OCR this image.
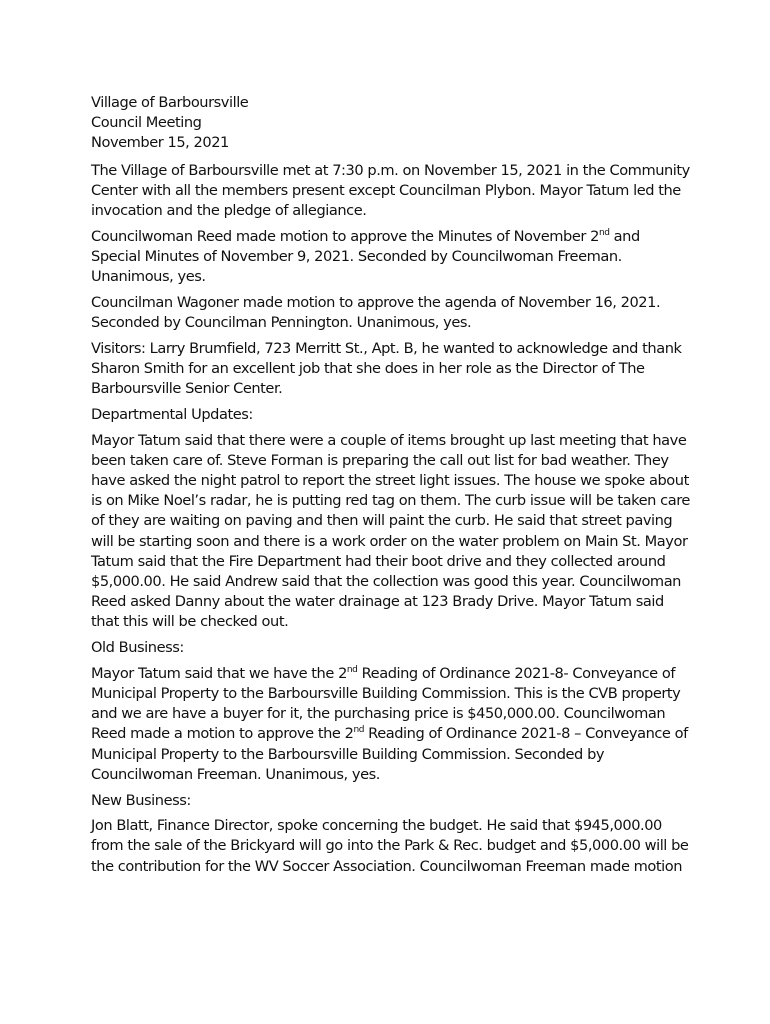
Village of Barboursville
Council Meeting
November 15, 2021

The Village of Barboursville met at 7:30 p.m. on November 15, 2021 in the Community Center with all the members present except Councilman Plybon. Mayor Tatum led the invocation and the pledge of allegiance.

Councilwoman Reed made motion to approve the Minutes of November 2nd and Special Minutes of November 9, 2021. Seconded by Councilwoman Freeman. Unanimous, yes.

Councilman Wagoner made motion to approve the agenda of November 16, 2021. Seconded by Councilman Pennington. Unanimous, yes.

Visitors: Larry Brumfield, 723 Merritt St., Apt. B, he wanted to acknowledge and thank Sharon Smith for an excellent job that she does in her role as the Director of The Barboursville Senior Center.

Departmental Updates:

Mayor Tatum said that there were a couple of items brought up last meeting that have been taken care of. Steve Forman is preparing the call out list for bad weather. They have asked the night patrol to report the street light issues. The house we spoke about is on Mike Noel’s radar, he is putting red tag on them. The curb issue will be taken care of they are waiting on paving and then will paint the curb. He said that street paving will be starting soon and there is a work order on the water problem on Main St. Mayor Tatum said that the Fire Department had their boot drive and they collected around $5,000.00. He said Andrew said that the collection was good this year. Councilwoman Reed asked Danny about the water drainage at 123 Brady Drive. Mayor Tatum said that this will be checked out.

Old Business:

Mayor Tatum said that we have the 2nd Reading of Ordinance 2021-8- Conveyance of Municipal Property to the Barboursville Building Commission. This is the CVB property and we are have a buyer for it, the purchasing price is $450,000.00. Councilwoman Reed made a motion to approve the 2nd Reading of Ordinance 2021-8 – Conveyance of Municipal Property to the Barboursville Building Commission. Seconded by Councilwoman Freeman. Unanimous, yes.

New Business:

Jon Blatt, Finance Director, spoke concerning the budget. He said that $945,000.00 from the sale of the Brickyard will go into the Park & Rec. budget and $5,000.00 will be the contribution for the WV Soccer Association. Councilwoman Freeman made motion
